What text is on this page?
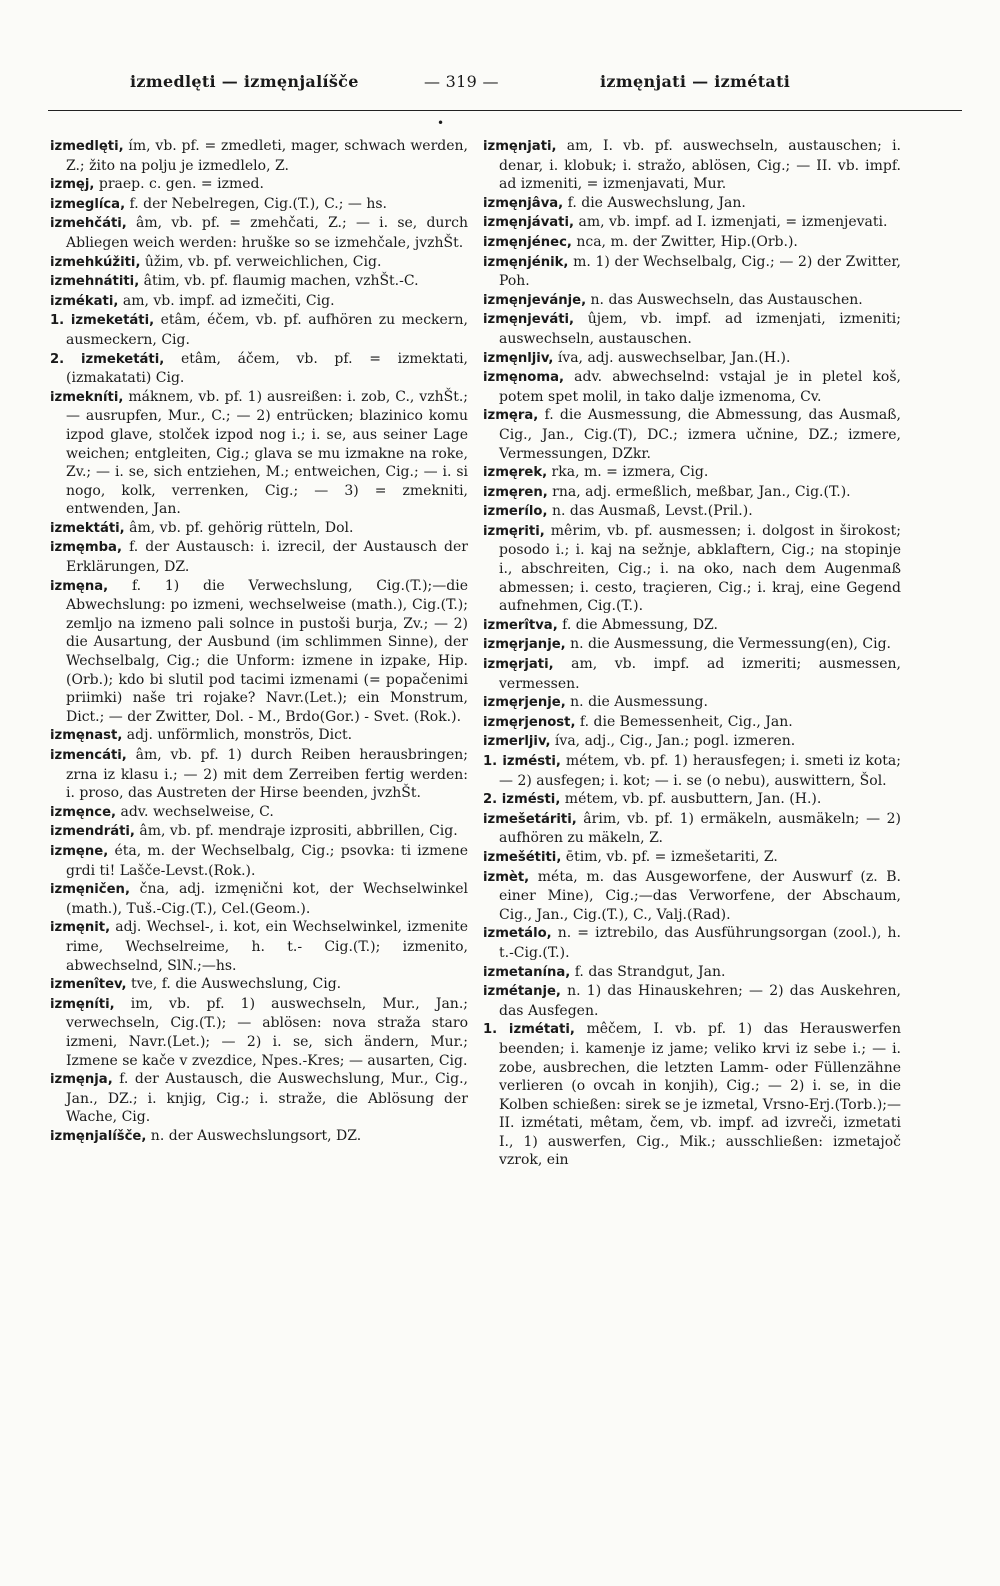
izmedlęti — izmęnjalíšče	— 319 —	izmęnjati — izmétati
•

izmedlęti, ím, vb. pf. = zmedleti, mager, schwach werden, Z.; žito na polju je izmedlelo, Z.

izmęj, praep. c. gen. = izmed.

izmeglíca, f. der Nebelregen, Cig.(T.), C.; — hs.

izmehčáti, âm, vb. pf. = zmehčati, Z.; — i. se, durch Abliegen weich werden: hruške so se izmehčale, jvzhŠt.

izmehkúžiti, ûžim, vb. pf. verweichlichen, Cig.

izmehnátiti, âtim, vb. pf. flaumig machen, vzhŠt.-C.

izmékati, am, vb. impf. ad izmečiti, Cig.

1. izmeketáti, etâm, éčem, vb. pf. aufhören zu meckern, ausmeckern, Cig.

2. izmeketáti, etâm, áčem, vb. pf. = izmektati, (izmakatati) Cig.

izmekníti, máknem, vb. pf. 1) ausreißen: i. zob, C., vzhŠt.; — ausrupfen, Mur., C.; — 2) entrücken; blazinico komu izpod glave, stolček izpod nog i.; i. se, aus seiner Lage weichen; entgleiten, Cig.; glava se mu izmakne na roke, Zv.; — i. se, sich entziehen, M.; entweichen, Cig.; — i. si nogo, kolk, verrenken, Cig.; — 3) = zmekniti, entwenden, Jan.

izmektáti, âm, vb. pf. gehörig rütteln, Dol.

izmęmba, f. der Austausch: i. izrecil, der Austausch der Erklärungen, DZ.

izmęna, f. 1) die Verwechslung, Cig.(T.);—die Abwechslung: po izmeni, wechselweise (math.), Cig.(T.); zemljo na izmeno pali solnce in pustoši burja, Zv.; — 2) die Ausartung, der Ausbund (im schlimmen Sinne), der Wechselbalg, Cig.; die Unform: izmene in izpake, Hip.(Orb.); kdo bi slutil pod tacimi izmenami (= popačenimi priimki) naše tri rojake? Navr.(Let.); ein Monstrum, Dict.; — der Zwitter, Dol. - M., Brdo(Gor.) - Svet. (Rok.).

izmęnast, adj. unförmlich, monströs, Dict.

izmencáti, âm, vb. pf. 1) durch Reiben herausbringen; zrna iz klasu i.; — 2) mit dem Zerreiben fertig werden: i. proso, das Austreten der Hirse beenden, jvzhŠt.

izmęnce, adv. wechselweise, C.

izmendráti, âm, vb. pf. mendraje izprositi, abbrillen, Cig.

izmęne, éta, m. der Wechselbalg, Cig.; psovka: ti izmene grdi ti! Lašče-Levst.(Rok.).

izmęničen, čna, adj. izmęnični kot, der Wechselwinkel (math.), Tuš.-Cig.(T.), Cel.(Geom.).

izmęnit, adj. Wechsel-, i. kot, ein Wechselwinkel, izmenite rime, Wechselreime, h. t.- Cig.(T.); izmenito, abwechselnd, SlN.;—hs.

izmenîtev, tve, f. die Auswechslung, Cig.

izmęníti, im, vb. pf. 1) auswechseln, Mur., Jan.; verwechseln, Cig.(T.); — ablösen: nova straža staro izmeni, Navr.(Let.); — 2) i. se, sich ändern, Mur.; Izmene se kače v zvezdice, Npes.-Kres; — ausarten, Cig.

izmęnja, f. der Austausch, die Auswechslung, Mur., Cig., Jan., DZ.; i. knjig, Cig.; i. straže, die Ablösung der Wache, Cig.

izmęnjalíšče, n. der Auswechslungsort, DZ.

izmęnjati, am, I. vb. pf. auswechseln, austauschen; i. denar, i. klobuk; i. stražo, ablösen, Cig.; — II. vb. impf. ad izmeniti, = izmenjavati, Mur.

izmęnjâva, f. die Auswechslung, Jan.

izmęnjávati, am, vb. impf. ad I. izmenjati, = izmenjevati.

izmęnjénec, nca, m. der Zwitter, Hip.(Orb.).

izmęnjénik, m. 1) der Wechselbalg, Cig.; — 2) der Zwitter, Poh.

izmęnjevánje, n. das Auswechseln, das Austauschen.

izmęnjeváti, ûjem, vb. impf. ad izmenjati, izmeniti; auswechseln, austauschen.

izmęnljiv, íva, adj. auswechselbar, Jan.(H.).

izmęnoma, adv. abwechselnd: vstajal je in pletel koš, potem spet molil, in tako dalje izmenoma, Cv.

izmęra, f. die Ausmessung, die Abmessung, das Ausmaß, Cig., Jan., Cig.(T), DC.; izmera učnine, DZ.; izmere, Vermessungen, DZkr.

izmęrek, rka, m. = izmera, Cig.

izmęren, rna, adj. ermeßlich, meßbar, Jan., Cig.(T.).

izmerílo, n. das Ausmaß, Levst.(Pril.).

izmęriti, mêrim, vb. pf. ausmessen; i. dolgost in širokost; posodo i.; i. kaj na sežnje, abklaftern, Cig.; na stopinje i., abschreiten, Cig.; i. na oko, nach dem Augenmaß abmessen; i. cesto, traçieren, Cig.; i. kraj, eine Gegend aufnehmen, Cig.(T.).

izmerîtva, f. die Abmessung, DZ.

izmęrjanje, n. die Ausmessung, die Vermessung(en), Cig.

izmęrjati, am, vb. impf. ad izmeriti; ausmessen, vermessen.

izmęrjenje, n. die Ausmessung.

izmęrjenost, f. die Bemessenheit, Cig., Jan.

izmerljiv, íva, adj., Cig., Jan.; pogl. izmeren.

1. izmésti, métem, vb. pf. 1) herausfegen; i. smeti iz kota; — 2) ausfegen; i. kot; — i. se (o nebu), auswittern, Šol.

2. izmésti, métem, vb. pf. ausbuttern, Jan. (H.).

izmešetáriti, ârim, vb. pf. 1) ermäkeln, ausmäkeln; — 2) aufhören zu mäkeln, Z.

izmešétiti, ētim, vb. pf. = izmešetariti, Z.

izmèt, méta, m. das Ausgeworfene, der Auswurf (z. B. einer Mine), Cig.;—das Verworfene, der Abschaum, Cig., Jan., Cig.(T.), C., Valj.(Rad).

izmetálo, n. = iztrebilo, das Ausführungsorgan (zool.), h. t.-Cig.(T.).

izmetanína, f. das Strandgut, Jan.

izmétanje, n. 1) das Hinauskehren; — 2) das Auskehren, das Ausfegen.

1. izmétati, mêčem, I. vb. pf. 1) das Herauswerfen beenden; i. kamenje iz jame; veliko krvi iz sebe i.; — i. zobe, ausbrechen, die letzten Lamm- oder Füllenzähne verlieren (o ovcah in konjih), Cig.; — 2) i. se, in die Kolben schießen: sirek se je izmetal, Vrsno-Erj.(Torb.);—II. izmétati, mêtam, čem, vb. impf. ad izvreči, izmetati I., 1) auswerfen, Cig., Mik.; ausschließen: izmetajoč vzrok, ein
